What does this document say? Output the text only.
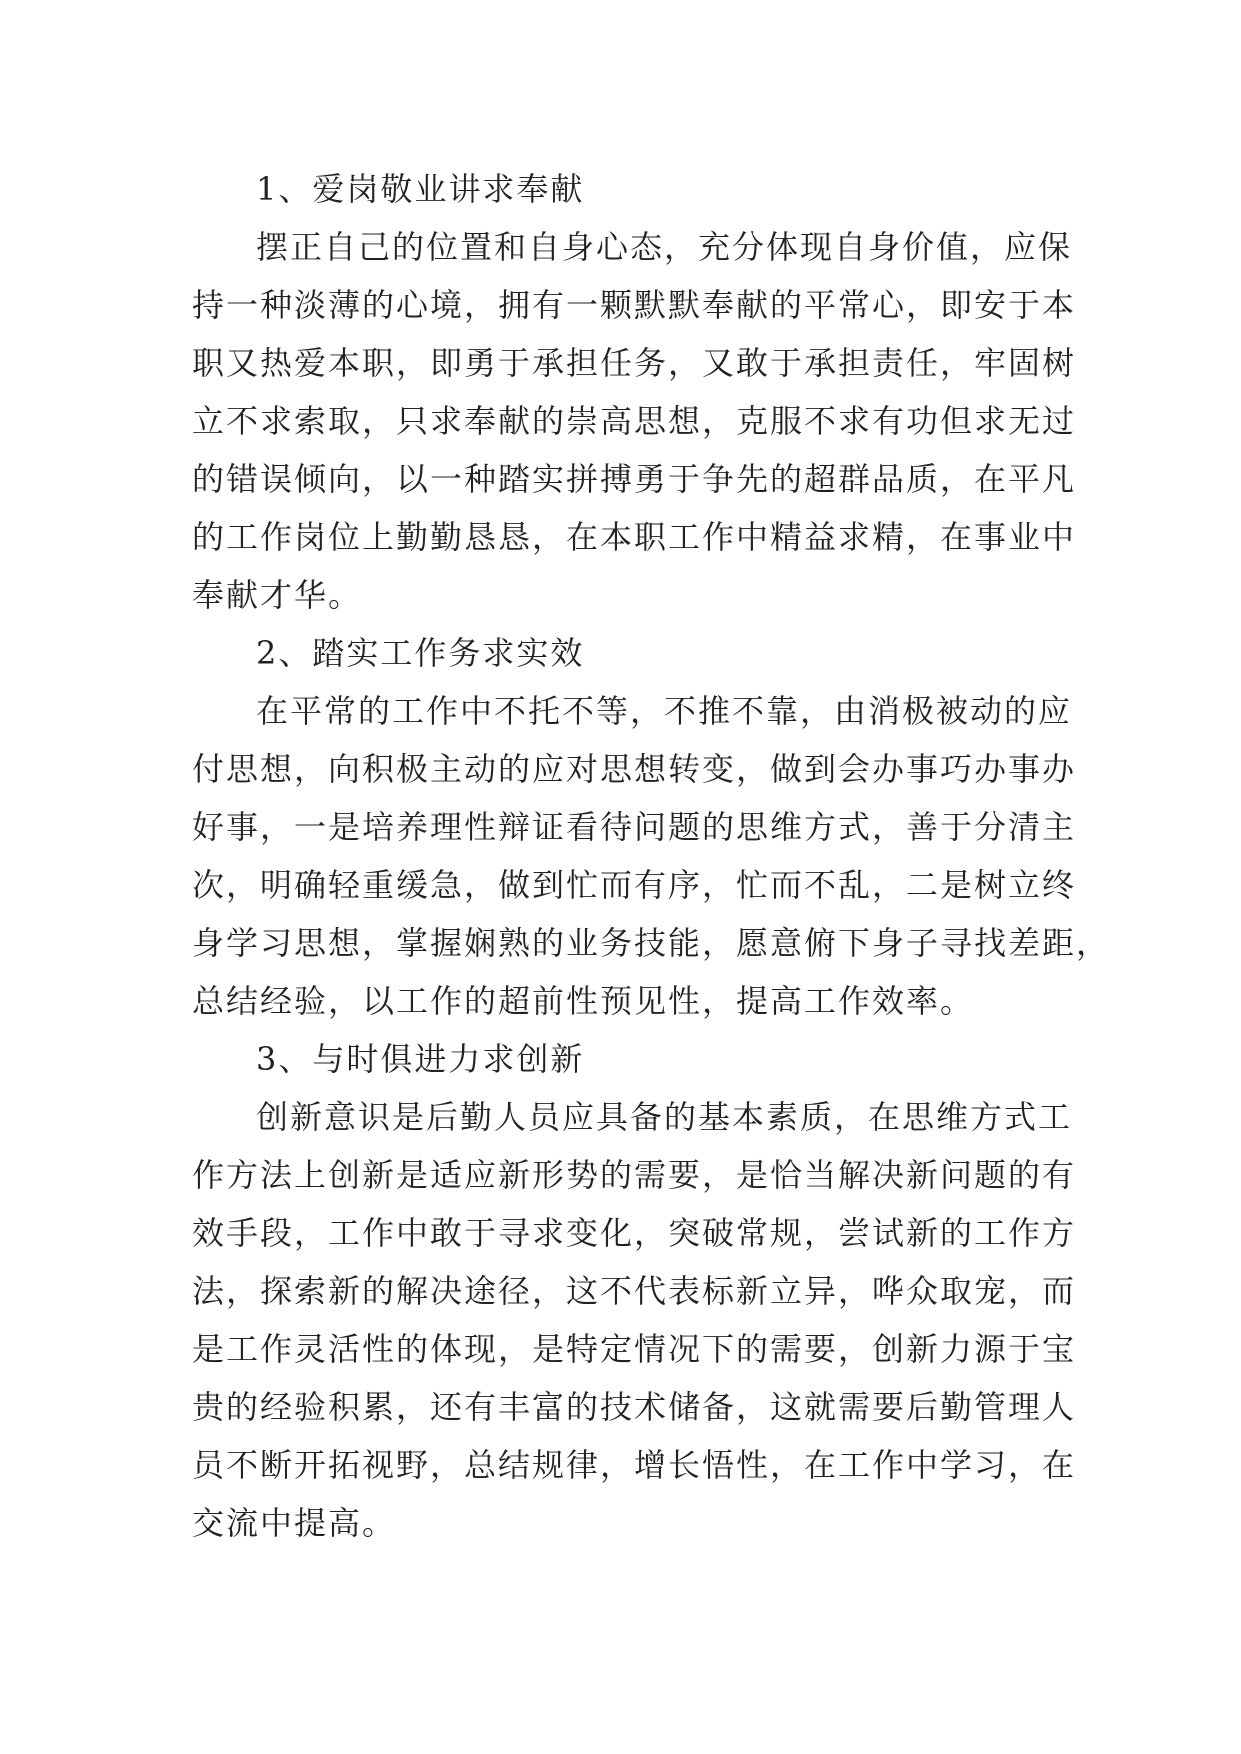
1、爱岗敬业讲求奉献
摆正自己的位置和自身心态，充分体现自身价值，应保
持一种淡薄的心境，拥有一颗默默奉献的平常心，即安于本
职又热爱本职，即勇于承担任务，又敢于承担责任，牢固树
立不求索取，只求奉献的崇高思想，克服不求有功但求无过
的错误倾向，以一种踏实拼搏勇于争先的超群品质，在平凡
的工作岗位上勤勤恳恳，在本职工作中精益求精，在事业中
奉献才华。
2、踏实工作务求实效
在平常的工作中不托不等，不推不靠，由消极被动的应
付思想，向积极主动的应对思想转变，做到会办事巧办事办
好事，一是培养理性辩证看待问题的思维方式，善于分清主
次，明确轻重缓急，做到忙而有序，忙而不乱，二是树立终
身学习思想，掌握娴熟的业务技能，愿意俯下身子寻找差距，
总结经验，以工作的超前性预见性，提高工作效率。
3、与时俱进力求创新
创新意识是后勤人员应具备的基本素质，在思维方式工
作方法上创新是适应新形势的需要，是恰当解决新问题的有
效手段，工作中敢于寻求变化，突破常规，尝试新的工作方
法，探索新的解决途径，这不代表标新立异，哗众取宠，而
是工作灵活性的体现，是特定情况下的需要，创新力源于宝
贵的经验积累，还有丰富的技术储备，这就需要后勤管理人
员不断开拓视野，总结规律，增长悟性，在工作中学习，在
交流中提高。
